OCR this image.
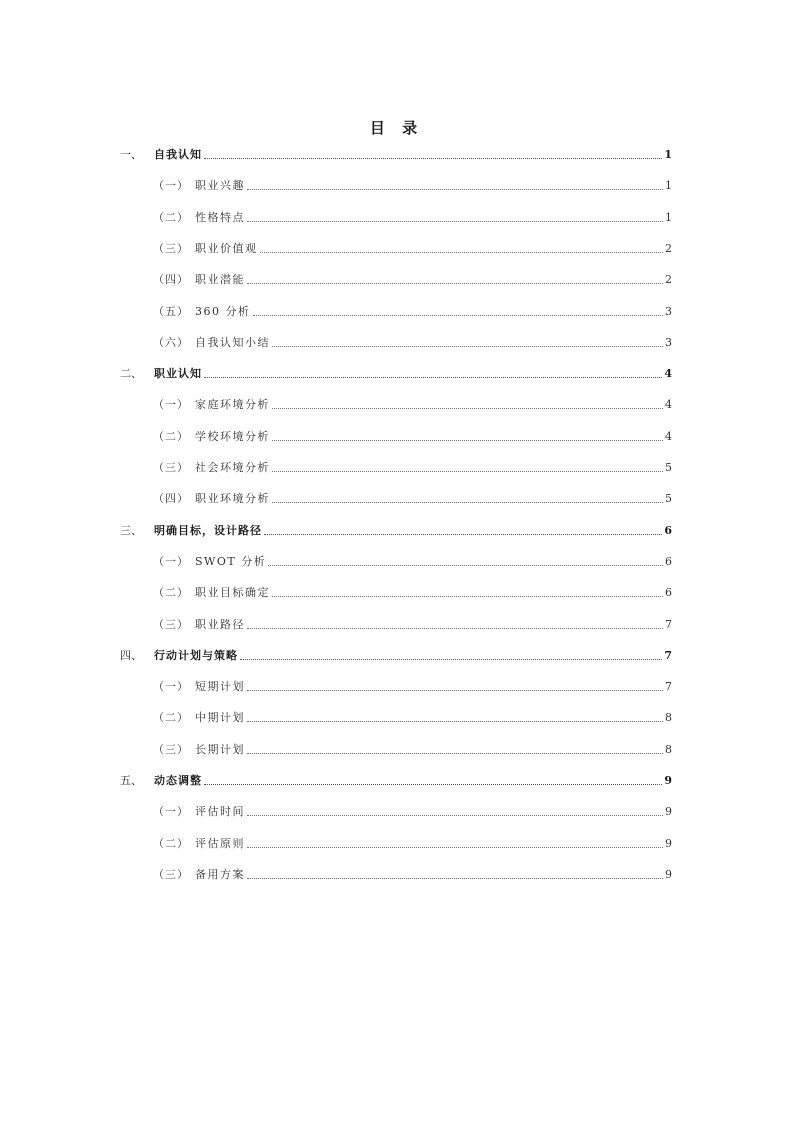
目 录
一、	自我认知	1
（一） 职业兴趣	1
（二） 性格特点	1
（三） 职业价值观	2
（四） 职业潜能	2
（五） 360 分析	3
（六） 自我认知小结	3
二、	职业认知	4
（一） 家庭环境分析	4
（二） 学校环境分析	4
（三） 社会环境分析	5
（四） 职业环境分析	5
三、	明确目标，设计路径	6
（一） SWOT 分析	6
（二） 职业目标确定	6
（三） 职业路径	7
四、	行动计划与策略	7
（一） 短期计划	7
（二） 中期计划	8
（三） 长期计划	8
五、	动态调整	9
（一） 评估时间	9
（二） 评估原则	9
（三） 备用方案	9
